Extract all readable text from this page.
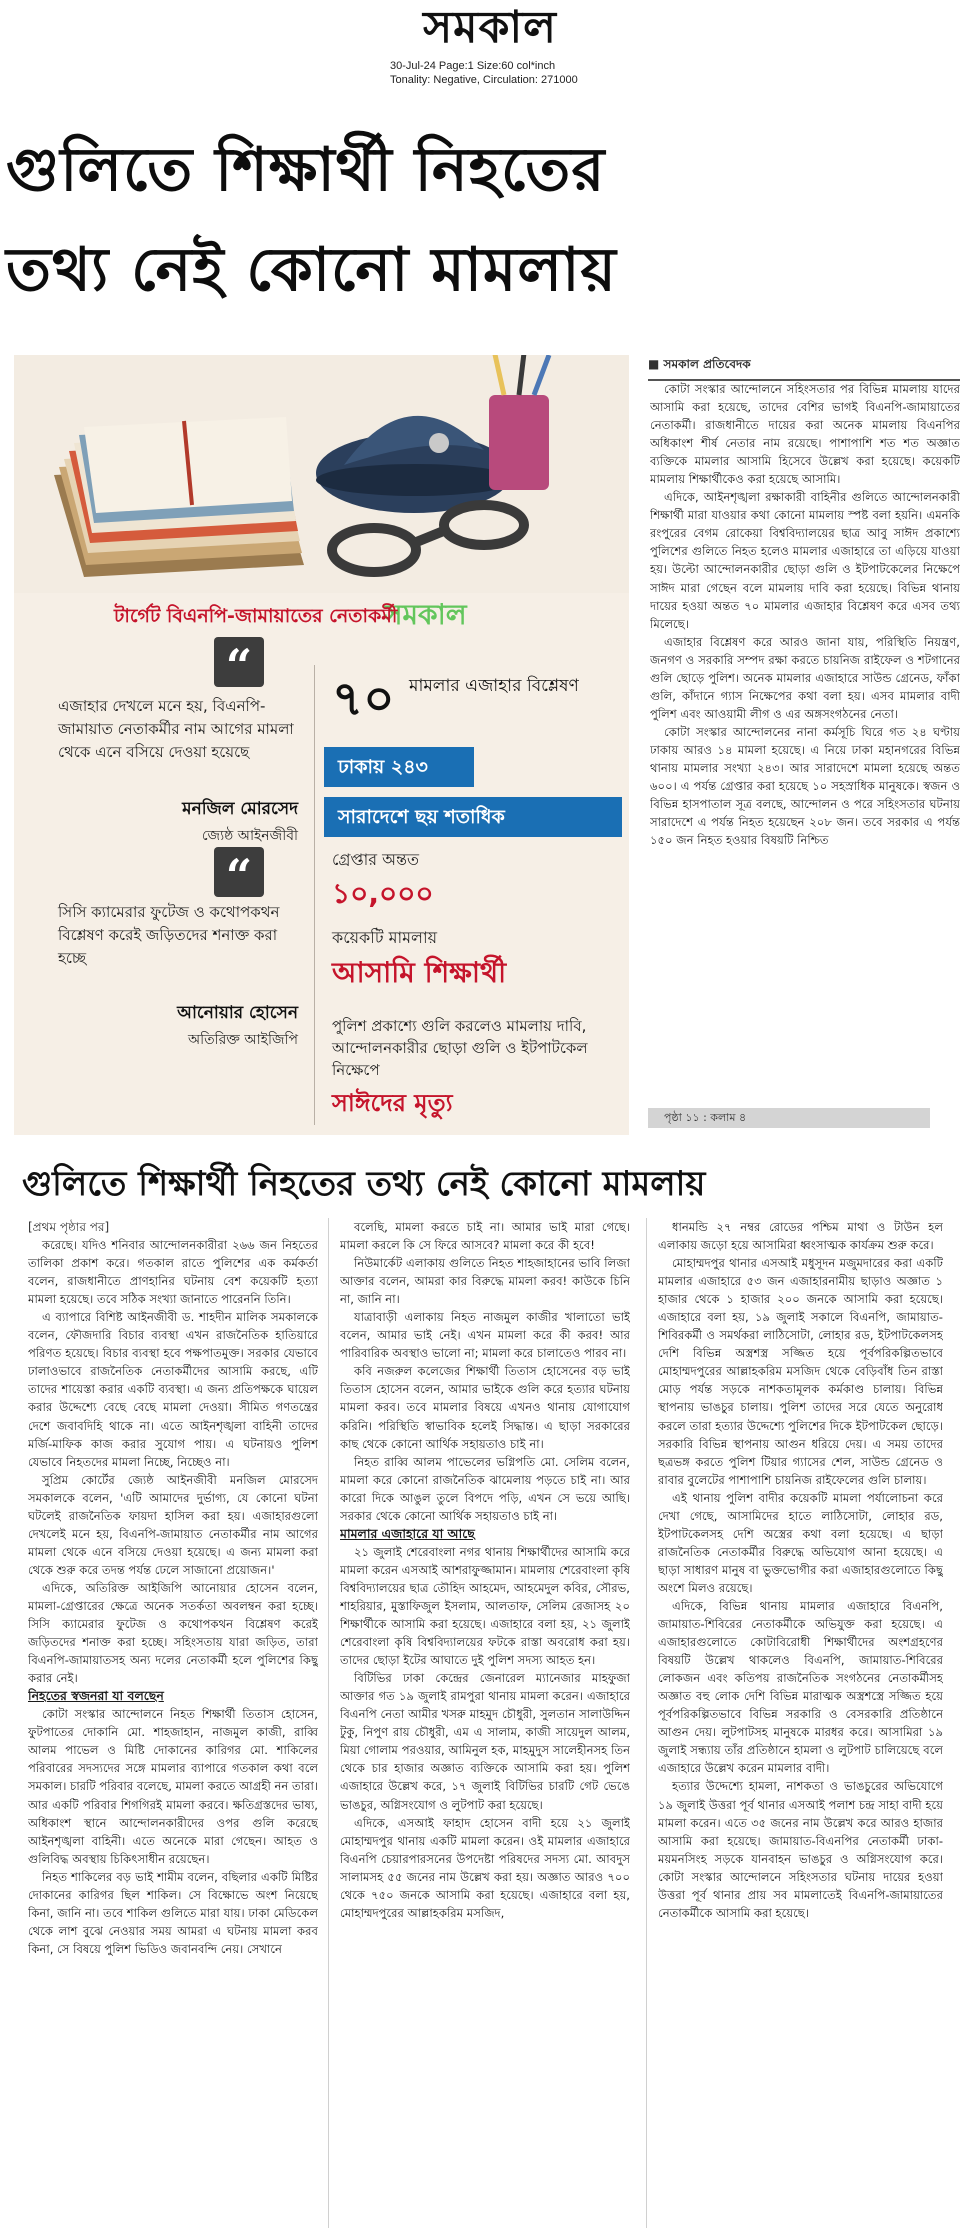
সমকাল
30-Jul-24 Page:1 Size:60 col*inch
Tonality: Negative, Circulation: 271000
গুলিতে শিক্ষার্থী নিহতের
তথ্য নেই কোনো মামলায়
সমকাল
টার্গেট বিএনপি-জামায়াতের নেতাকর্মী
“
এজাহার দেখলে মনে হয়, বিএনপি-জামায়াত নেতাকর্মীর নাম আগের মামলা থেকে এনে বসিয়ে দেওয়া হয়েছে
মনজিল মোরসেদ
জ্যেষ্ঠ আইনজীবী
“
সিসি ক্যামেরার ফুটেজ ও কথোপকথন বিশ্লেষণ করেই জড়িতদের শনাক্ত করা হচ্ছে
আনোয়ার হোসেন
অতিরিক্ত আইজিপি
৭০ মামলার এজাহার বিশ্লেষণ
ঢাকায় ২৪৩
সারাদেশে ছয় শতাধিক
গ্রেপ্তার অন্তত
১০,০০০
কয়েকটি মামলায়
আসামি শিক্ষার্থী
পুলিশ প্রকাশ্যে গুলি করলেও মামলায় দাবি, আন্দোলনকারীর ছোড়া গুলি ও ইটপাটকেল নিক্ষেপে
সাঈদের মৃত্যু
■ সমকাল প্রতিবেদক

কোটা সংস্কার আন্দোলনে সহিংসতার পর বিভিন্ন মামলায় যাদের আসামি করা হয়েছে, তাদের বেশির ভাগই বিএনপি-জামায়াতের নেতাকর্মী। রাজধানীতে দায়ের করা অনেক মামলায় বিএনপির অধিকাংশ শীর্ষ নেতার নাম রয়েছে। পাশাপাশি শত শত অজ্ঞাত ব্যক্তিকে মামলার আসামি হিসেবে উল্লেখ করা হয়েছে। কয়েকটি মামলায় শিক্ষার্থীকেও করা হয়েছে আসামি।

এদিকে, আইনশৃঙ্খলা রক্ষাকারী বাহিনীর গুলিতে আন্দোলনকারী শিক্ষার্থী মারা যাওয়ার কথা কোনো মামলায় স্পষ্ট বলা হয়নি। এমনকি রংপুরের বেগম রোকেয়া বিশ্ববিদ্যালয়ের ছাত্র আবু সাঈদ প্রকাশ্যে পুলিশের গুলিতে নিহত হলেও মামলার এজাহারে তা এড়িয়ে যাওয়া হয়। উল্টো আন্দোলনকারীর ছোড়া গুলি ও ইটপাটকেলের নিক্ষেপে সাঈদ মারা গেছেন বলে মামলায় দাবি করা হয়েছে। বিভিন্ন থানায় দায়ের হওয়া অন্তত ৭০ মামলার এজাহার বিশ্লেষণ করে এসব তথ্য মিলেছে।

এজাহার বিশ্লেষণ করে আরও জানা যায়, পরিস্থিতি নিয়ন্ত্রণ, জনগণ ও সরকারি সম্পদ রক্ষা করতে চায়নিজ রাইফেল ও শটগানের গুলি ছোড়ে পুলিশ। অনেক মামলার এজাহারে সাউন্ড গ্রেনেড, ফাঁকা গুলি, কাঁদানে গ্যাস নিক্ষেপের কথা বলা হয়। এসব মামলার বাদী পুলিশ এবং আওয়ামী লীগ ও এর অঙ্গসংগঠনের নেতা।

কোটা সংস্কার আন্দোলনের নানা কর্মসূচি ঘিরে গত ২৪ ঘণ্টায় ঢাকায় আরও ১৪ মামলা হয়েছে। এ নিয়ে ঢাকা মহানগরের বিভিন্ন থানায় মামলার সংখ্যা ২৪৩। আর সারাদেশে মামলা হয়েছে অন্তত ৬০০। এ পর্যন্ত গ্রেপ্তার করা হয়েছে ১০ সহস্রাধিক মানুষকে। স্বজন ও বিভিন্ন হাসপাতাল সূত্র বলছে, আন্দোলন ও পরে সহিংসতার ঘটনায় সারাদেশে এ পর্যন্ত নিহত হয়েছেন ২০৮ জন। তবে সরকার এ পর্যন্ত ১৫০ জন নিহত হওয়ার বিষয়টি নিশ্চিত

পৃষ্ঠা ১১ : কলাম ৪
গুলিতে শিক্ষার্থী নিহতের তথ্য নেই কোনো মামলায়
[প্রথম পৃষ্ঠার পর]

করেছে। যদিও শনিবার আন্দোলনকারীরা ২৬৬ জন নিহতের তালিকা প্রকাশ করে। গতকাল রাতে পুলিশের এক কর্মকর্তা বলেন, রাজধানীতে প্রাণহানির ঘটনায় বেশ কয়েকটি হত্যা মামলা হয়েছে। তবে সঠিক সংখ্যা জানাতে পারেননি তিনি।

এ ব্যাপারে বিশিষ্ট আইনজীবী ড. শাহদীন মালিক সমকালকে বলেন, ফৌজদারি বিচার ব্যবস্থা এখন রাজনৈতিক হাতিয়ারে পরিণত হয়েছে। বিচার ব্যবস্থা হবে পক্ষপাতমুক্ত। সরকার যেভাবে ঢালাওভাবে রাজনৈতিক নেতাকর্মীদের আসামি করছে, এটি তাদের শায়েস্তা করার একটি ব্যবস্থা। এ জন্য প্রতিপক্ষকে ঘায়েল করার উদ্দেশ্যে বেছে বেছে মামলা দেওয়া। সীমিত গণতন্ত্রের দেশে জবাবদিহি থাকে না। এতে আইনশৃঙ্খলা বাহিনী তাদের মর্জি-মাফিক কাজ করার সুযোগ পায়। এ ঘটনায়ও পুলিশ যেভাবে নিহতদের মামলা নিচ্ছে, নিচ্ছেও না।

সুপ্রিম কোর্টের জ্যেষ্ঠ আইনজীবী মনজিল মোরসেদ সমকালকে বলেন, 'এটি আমাদের দুর্ভাগ্য, যে কোনো ঘটনা ঘটলেই রাজনৈতিক ফায়দা হাসিল করা হয়। এজাহারগুলো দেখলেই মনে হয়, বিএনপি-জামায়াত নেতাকর্মীর নাম আগের মামলা থেকে এনে বসিয়ে দেওয়া হয়েছে। এ জন্য মামলা করা থেকে শুরু করে তদন্ত পর্যন্ত ঢেলে সাজানো প্রয়োজন।'

এদিকে, অতিরিক্ত আইজিপি আনোয়ার হোসেন বলেন, মামলা-গ্রেপ্তারের ক্ষেত্রে অনেক সতর্কতা অবলম্বন করা হচ্ছে। সিসি ক্যামেরার ফুটেজ ও কথোপকথন বিশ্লেষণ করেই জড়িতদের শনাক্ত করা হচ্ছে। সহিংসতায় যারা জড়িত, তারা বিএনপি-জামায়াতসহ অন্য দলের নেতাকর্মী হলে পুলিশের কিছু করার নেই।

নিহতের স্বজনরা যা বলছেন

কোটা সংস্কার আন্দোলনে নিহত শিক্ষার্থী তিতাস হোসেন, ফুটপাতের দোকানি মো. শাহজাহান, নাজমুল কাজী, রাব্বি আলম পাভেল ও মিষ্টি দোকানের কারিগর মো. শাকিলের পরিবারের সদস্যদের সঙ্গে মামলার ব্যাপারে গতকাল কথা বলে সমকাল। চারটি পরিবার বলেছে, মামলা করতে আগ্রহী নন তারা। আর একটি পরিবার শিগগিরই মামলা করবে। ক্ষতিগ্রস্তদের ভাষ্য, অধিকাংশ স্থানে আন্দোলনকারীদের ওপর গুলি করেছে আইনশৃঙ্খলা বাহিনী। এতে অনেকে মারা গেছেন। আহত ও গুলিবিদ্ধ অবস্থায় চিকিৎসাধীন রয়েছেন।

নিহত শাকিলের বড় ভাই শামীম বলেন, বছিলার একটি মিষ্টির দোকানের কারিগর ছিল শাকিল। সে বিক্ষোভে অংশ নিয়েছে কিনা, জানি না। তবে শাকিল গুলিতে মারা যায়। ঢাকা মেডিকেল থেকে লাশ বুঝে নেওয়ার সময় আমরা এ ঘটনায় মামলা করব কিনা, সে বিষয়ে পুলিশ ভিডিও জবানবন্দি নেয়। সেখানে

বলেছি, মামলা করতে চাই না। আমার ভাই মারা গেছে। মামলা করলে কি সে ফিরে আসবে? মামলা করে কী হবে!

নিউমার্কেট এলাকায় গুলিতে নিহত শাহজাহানের ভাবি লিজা আক্তার বলেন, আমরা কার বিরুদ্ধে মামলা করব! কাউকে চিনি না, জানি না।

যাত্রাবাড়ী এলাকায় নিহত নাজমুল কাজীর খালাতো ভাই বলেন, আমার ভাই নেই। এখন মামলা করে কী করব! আর পারিবারিক অবস্থাও ভালো না; মামলা করে চালাতেও পারব না।

কবি নজরুল কলেজের শিক্ষার্থী তিতাস হোসেনের বড় ভাই তিতাস হোসেন বলেন, আমার ভাইকে গুলি করে হত্যার ঘটনায় মামলা করব। তবে মামলার বিষয়ে এখনও থানায় যোগাযোগ করিনি। পরিস্থিতি স্বাভাবিক হলেই সিদ্ধান্ত। এ ছাড়া সরকারের কাছ থেকে কোনো আর্থিক সহায়তাও চাই না।

নিহত রাব্বি আলম পাভেলের ভগ্নিপতি মো. সেলিম বলেন, মামলা করে কোনো রাজনৈতিক ঝামেলায় পড়তে চাই না। আর কারো দিকে আঙুল তুলে বিপদে পড়ি, এখন সে ভয়ে আছি। সরকার থেকে কোনো আর্থিক সহায়তাও চাই না।

মামলার এজাহারে যা আছে

২১ জুলাই শেরেবাংলা নগর থানায় শিক্ষার্থীদের আসামি করে মামলা করেন এসআই আশরাফুজ্জামান। মামলায় শেরেবাংলা কৃষি বিশ্ববিদ্যালয়ের ছাত্র তৌহিদ আহমেদ, আহমেদুল কবির, সৌরভ, শাহরিয়ার, মুস্তাফিজুল ইসলাম, আলতাফ, সেলিম রেজাসহ ২০ শিক্ষার্থীকে আসামি করা হয়েছে। এজাহারে বলা হয়, ২১ জুলাই শেরেবাংলা কৃষি বিশ্ববিদ্যালয়ের ফটকে রাস্তা অবরোধ করা হয়। তাদের ছোড়া ইটের আঘাতে দুই পুলিশ সদস্য আহত হন।

বিটিভির ঢাকা কেন্দ্রের জেনারেল ম্যানেজার মাহফুজা আক্তার গত ১৯ জুলাই রামপুরা থানায় মামলা করেন। এজাহারে বিএনপি নেতা আমীর খসরু মাহমুদ চৌধুরী, সুলতান সালাউদ্দিন টুকু, নিপুণ রায় চৌধুরী, এম এ সালাম, কাজী সায়েদুল আলম, মিয়া গোলাম পরওয়ার, আমিনুল হক, মাহমুদুস সালেহীনসহ তিন থেকে চার হাজার অজ্ঞাত ব্যক্তিকে আসামি করা হয়। পুলিশ এজাহারে উল্লেখ করে, ১৭ জুলাই বিটিভির চারটি গেট ভেঙে ভাঙচুর, অগ্নিসংযোগ ও লুটপাট করা হয়েছে।

এদিকে, এসআই ফাহাদ হোসেন বাদী হয়ে ২১ জুলাই মোহাম্মদপুর থানায় একটি মামলা করেন। ওই মামলার এজাহারে বিএনপি চেয়ারপারসনের উপদেষ্টা পরিষদের সদস্য মো. আবদুস সালামসহ ৫৫ জনের নাম উল্লেখ করা হয়। অজ্ঞাত আরও ৭০০ থেকে ৭৫০ জনকে আসামি করা হয়েছে। এজাহারে বলা হয়, মোহাম্মদপুরের আল্লাহকরিম মসজিদ,

ধানমন্ডি ২৭ নম্বর রোডের পশ্চিম মাথা ও টাউন হল এলাকায় জড়ো হয়ে আসামিরা ধ্বংসাত্মক কার্যক্রম শুরু করে।

মোহাম্মদপুর থানার এসআই মধুসূদন মজুমদারের করা একটি মামলার এজাহারে ৫৩ জন এজাহারনামীয় ছাড়াও অজ্ঞাত ১ হাজার থেকে ১ হাজার ২০০ জনকে আসামি করা হয়েছে। এজাহারে বলা হয়, ১৯ জুলাই সকালে বিএনপি, জামায়াত-শিবিরকর্মী ও সমর্থকরা লাঠিসোটা, লোহার রড, ইটপাটকেলসহ দেশি বিভিন্ন অস্ত্রশস্ত্র সজ্জিত হয়ে পূর্বপরিকল্পিতভাবে মোহাম্মদপুরের আল্লাহকরিম মসজিদ থেকে বেড়িবাঁধ তিন রাস্তা মোড় পর্যন্ত সড়কে নাশকতামূলক কর্মকাণ্ড চালায়। বিভিন্ন স্থাপনায় ভাঙচুর চালায়। পুলিশ তাদের সরে যেতে অনুরোধ করলে তারা হত্যার উদ্দেশ্যে পুলিশের দিকে ইটপাটকেল ছোড়ে। সরকারি বিভিন্ন স্থাপনায় আগুন ধরিয়ে দেয়। এ সময় তাদের ছত্রভঙ্গ করতে পুলিশ টিয়ার গ্যাসের শেল, সাউন্ড গ্রেনেড ও রাবার বুলেটের পাশাপাশি চায়নিজ রাইফেলের গুলি চালায়।

এই থানায় পুলিশ বাদীর কয়েকটি মামলা পর্যালোচনা করে দেখা গেছে, আসামিদের হাতে লাঠিসোটা, লোহার রড, ইটপাটকেলসহ দেশি অস্ত্রের কথা বলা হয়েছে। এ ছাড়া রাজনৈতিক নেতাকর্মীর বিরুদ্ধে অভিযোগ আনা হয়েছে। এ ছাড়া সাধারণ মানুষ বা ভুক্তভোগীর করা এজাহারগুলোতে কিছু অংশে মিলও রয়েছে।

এদিকে, বিভিন্ন থানায় মামলার এজাহারে বিএনপি, জামায়াত-শিবিরের নেতাকর্মীকে অভিযুক্ত করা হয়েছে। এ এজাহারগুলোতে কোটাবিরোধী শিক্ষার্থীদের অংশগ্রহণের বিষয়টি উল্লেখ থাকলেও বিএনপি, জামায়াত-শিবিরের লোকজন এবং কতিপয় রাজনৈতিক সংগঠনের নেতাকর্মীসহ অজ্ঞাত বহু লোক দেশি বিভিন্ন মারাত্মক অস্ত্রশস্ত্রে সজ্জিত হয়ে পূর্বপরিকল্পিতভাবে বিভিন্ন সরকারি ও বেসরকারি প্রতিষ্ঠানে আগুন দেয়। লুটপাটসহ মানুষকে মারধর করে। আসামিরা ১৯ জুলাই সন্ধ্যায় তাঁর প্রতিষ্ঠানে হামলা ও লুটপাট চালিয়েছে বলে এজাহারে উল্লেখ করেন মামলার বাদী।

হত্যার উদ্দেশ্যে হামলা, নাশকতা ও ভাঙচুরের অভিযোগে ১৯ জুলাই উত্তরা পূর্ব থানার এসআই পলাশ চন্দ্র সাহা বাদী হয়ে মামলা করেন। এতে ৩৫ জনের নাম উল্লেখ করে আরও হাজার আসামি করা হয়েছে। জামায়াত-বিএনপির নেতাকর্মী ঢাকা-ময়মনসিংহ সড়কে যানবাহন ভাঙচুর ও অগ্নিসংযোগ করে। কোটা সংস্কার আন্দোলনে সহিংসতার ঘটনায় দায়ের হওয়া উত্তরা পূর্ব থানার প্রায় সব মামলাতেই বিএনপি-জামায়াতের নেতাকর্মীকে আসামি করা হয়েছে।
